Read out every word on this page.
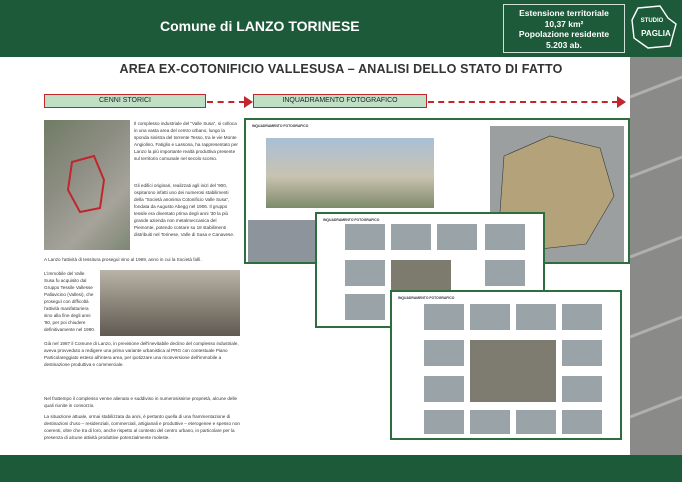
Comune di LANZO TORINESE
Estensione territoriale
10,37 km²
Popolazione residente
5.203 ab.
STUDIO
PAGLIA
AREA EX-COTONIFICIO VALLESUSA – ANALISI DELLO STATO DI FATTO
CENNI STORICI	INQUADRAMENTO FOTOGRAFICO
Il complesso industriale del "Valle Susa", si colloca in una vasta area del centro urbano, lungo la sponda sinistra del torrente Tesso, tra le vie Monte Angiolino, Fatiglio e Lassona, ha rappresentato per Lanzo la più importante realtà produttiva presente sul territorio comunale nel secolo scorso.
Gli edifici originari, realizzati agli inizi del '900, ospitarono infatti uno dei numerosi stabilimenti della "Società anonima Cotonificio Valle Susa", fondata da Augusto Abegg nel 1906. Il gruppo tessile era diventato prima degli anni '30 la più grande azienda non metalmeccanica del Piemonte, potendo contare su 18 stabilimenti distribuiti nel Torinese, Valle di Susa e Canavese.
A Lanzo l'attività di tessitura proseguì sino al 1969, anno in cui la Società fallì.
L'immobile del Valle Susa fu acquisito dal Gruppo Tessile Vallesse Pallavicino (Vallesi), che proseguì con difficoltà l'attività manifatturiera sino alla fine degli anni '80, per poi chiudere definitivamente nel 1990.
Già nel 1987 il Comune di Lanzo, in previsione dell'inevitabile declino del complesso industriale, aveva provveduto a redigere una prima variante urbanistica al PRG con contestuale Piano Particolareggiato esteso all'intera area, per ipotizzare una riconversione dell'immobile a destinazione produttiva e commerciale.
Nel frattempo il complesso venne alienato e suddiviso in numerosissime proprietà, alcune delle quali riunite in consorzio.
La situazione attuale, ormai stabilizzata da anni, è pertanto quella di una frammentazione di destinazioni d'uso – residenziali, commerciali, artigianali e produttive – eterogenee e spesso non coerenti, oltre che tra di loro, anche rispetto al contesto del centro urbano, in particolare per la presenza di alcune attività produttive potenzialmente moleste.
INQUADRAMENTO FOTOGRAFICO
INQUADRAMENTO FOTOGRAFICO
INQUADRAMENTO FOTOGRAFICO
